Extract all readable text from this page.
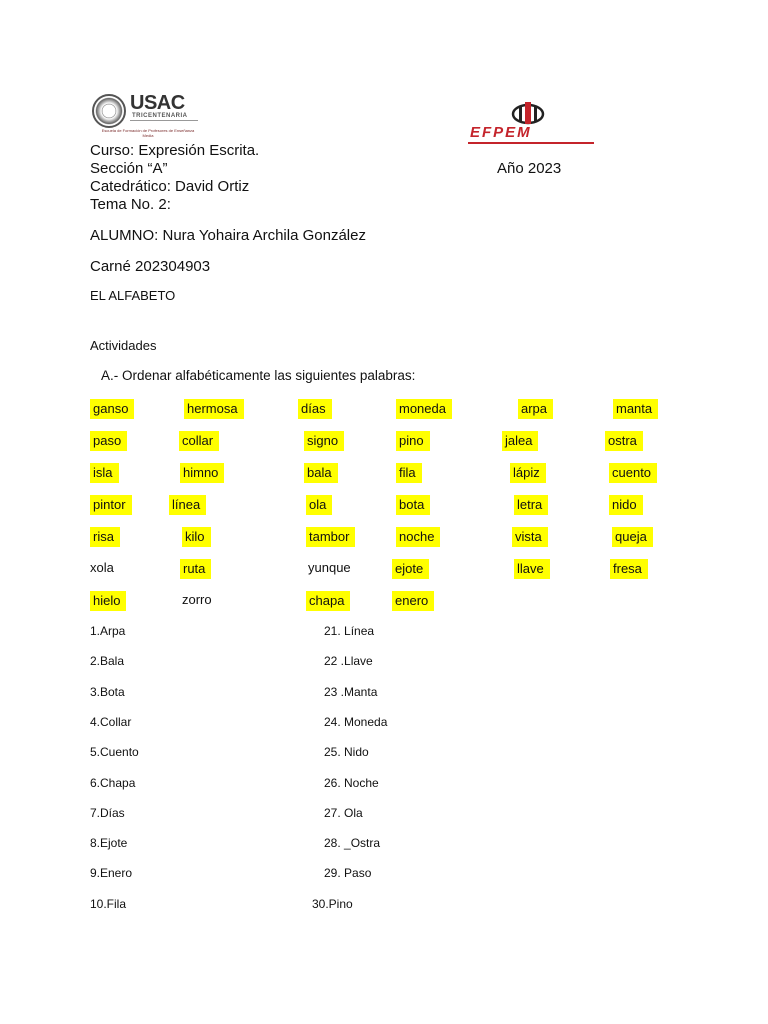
USAC
TRICENTENARIA
Escuela de Formación de Profesores de Enseñanza Media	EFPEM
Curso: Expresión Escrita.
Sección “A”	Año 2023
Catedrático: David Ortiz
Tema No. 2:
ALUMNO: Nura Yohaira Archila González
Carné 202304903
EL ALFABETO
Actividades
A.- Ordenar alfabéticamente las siguientes palabras:
ganso	hermosa	días	moneda	arpa	manta
paso	collar	signo	pino	jalea	ostra
isla	himno	bala	fila	lápiz	cuento
pintor	línea	ola	bota	letra	nido
risa	kilo	tambor	noche	vista	queja
xola	ruta	yunque	ejote	llave	fresa
hielo	zorro	chapa	enero
1.Arpa
2.Bala
3.Bota
4.Collar
5.Cuento
6.Chapa
7.Días
8.Ejote
9.Enero
10.Fila
21. Línea
22 .Llave
23 .Manta
24. Moneda
25. Nido
26. Noche
27. Ola
28. _Ostra
29. Paso
30.Pino
